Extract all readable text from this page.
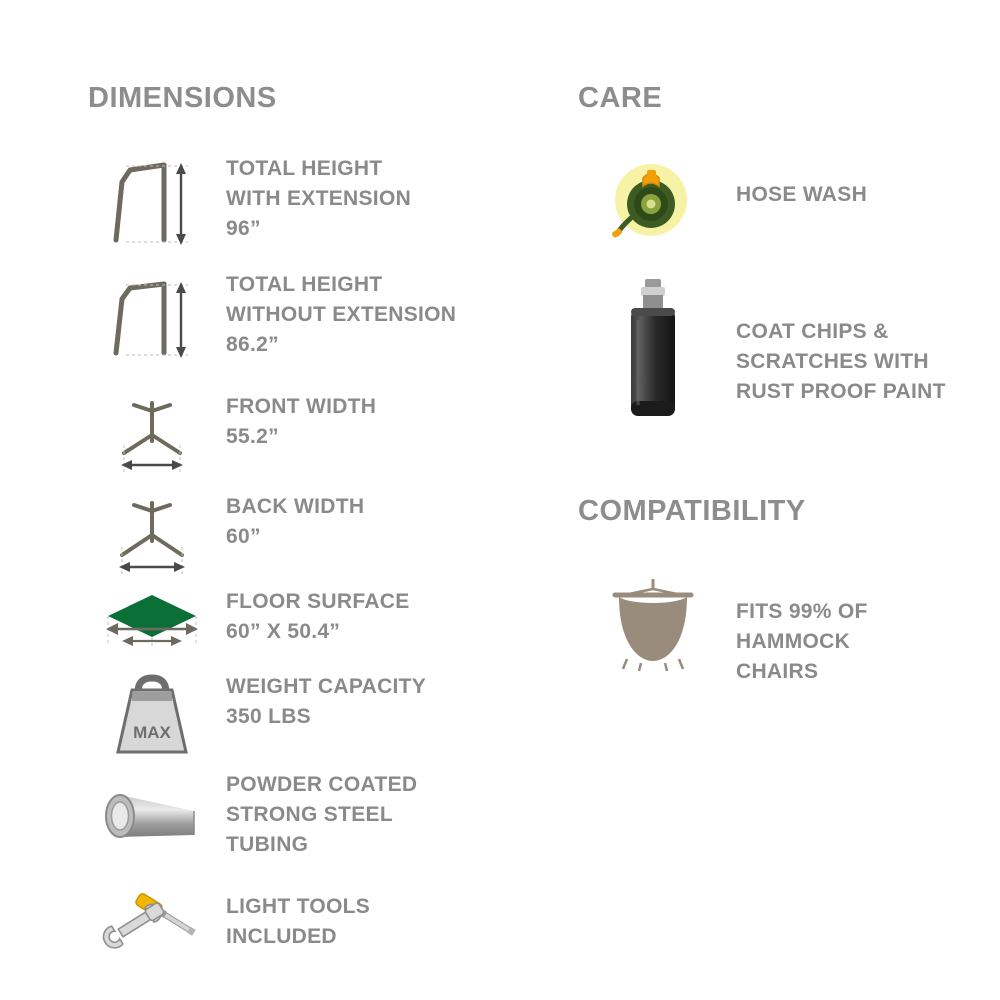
DIMENSIONS
TOTAL HEIGHT
WITH EXTENSION
96”
TOTAL HEIGHT
WITHOUT EXTENSION
86.2”
FRONT WIDTH
55.2”
BACK WIDTH
60”
FLOOR SURFACE
60” X 50.4”
MAX
WEIGHT CAPACITY
350 LBS
POWDER COATED
STRONG STEEL
TUBING
LIGHT TOOLS
INCLUDED
CARE
HOSE WASH
COAT CHIPS &
SCRATCHES WITH
RUST PROOF PAINT
COMPATIBILITY
FITS 99% OF
HAMMOCK
CHAIRS
